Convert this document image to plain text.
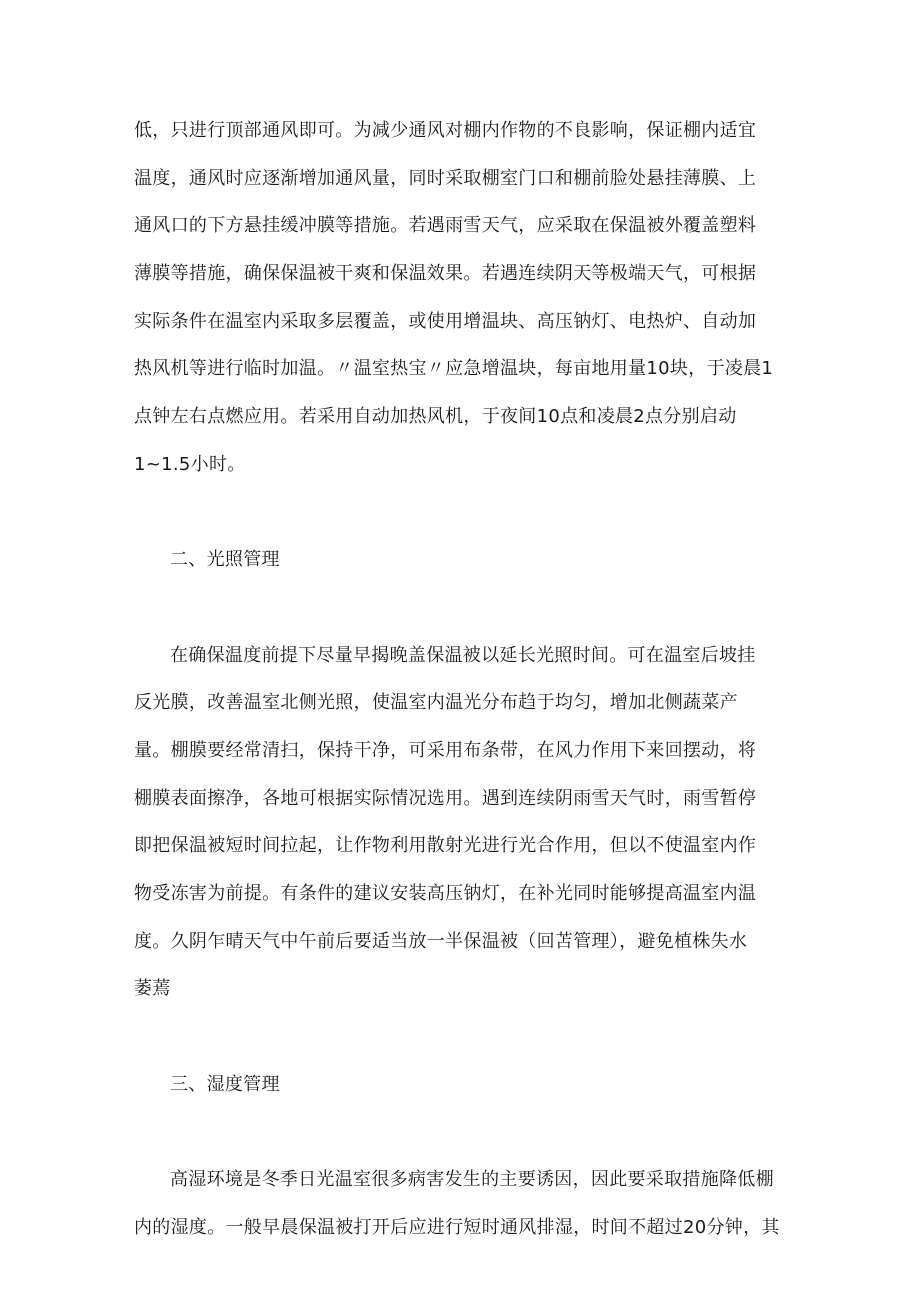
低，只进行顶部通风即可。为减少通风对棚内作物的不良影响，保证棚内适宜
温度，通风时应逐渐增加通风量，同时采取棚室门口和棚前脸处悬挂薄膜、上
通风口的下方悬挂缓冲膜等措施。若遇雨雪天气，应采取在保温被外覆盖塑料
薄膜等措施，确保保温被干爽和保温效果。若遇连续阴天等极端天气，可根据
实际条件在温室内采取多层覆盖，或使用增温块、高压钠灯、电热炉、自动加
热风机等进行临时加温。〃温室热宝〃应急增温块，每亩地用量10块，于凌晨1
点钟左右点燃应用。若采用自动加热风机，于夜间10点和凌晨2点分别启动
1~1.5小时。
二、光照管理
在确保温度前提下尽量早揭晚盖保温被以延长光照时间。可在温室后坡挂
反光膜，改善温室北侧光照，使温室内温光分布趋于均匀，增加北侧蔬菜产
量。棚膜要经常清扫，保持干净，可采用布条带，在风力作用下来回摆动，将
棚膜表面擦净，各地可根据实际情况选用。遇到连续阴雨雪天气时，雨雪暂停
即把保温被短时间拉起，让作物利用散射光进行光合作用，但以不使温室内作
物受冻害为前提。有条件的建议安装高压钠灯，在补光同时能够提高温室内温
度。久阴乍晴天气中午前后要适当放一半保温被（回苫管理），避免植株失水
萎蔫
三、湿度管理
高湿环境是冬季日光温室很多病害发生的主要诱因，因此要采取措施降低棚
内的湿度。一般早晨保温被打开后应进行短时通风排湿，时间不超过20分钟，其
